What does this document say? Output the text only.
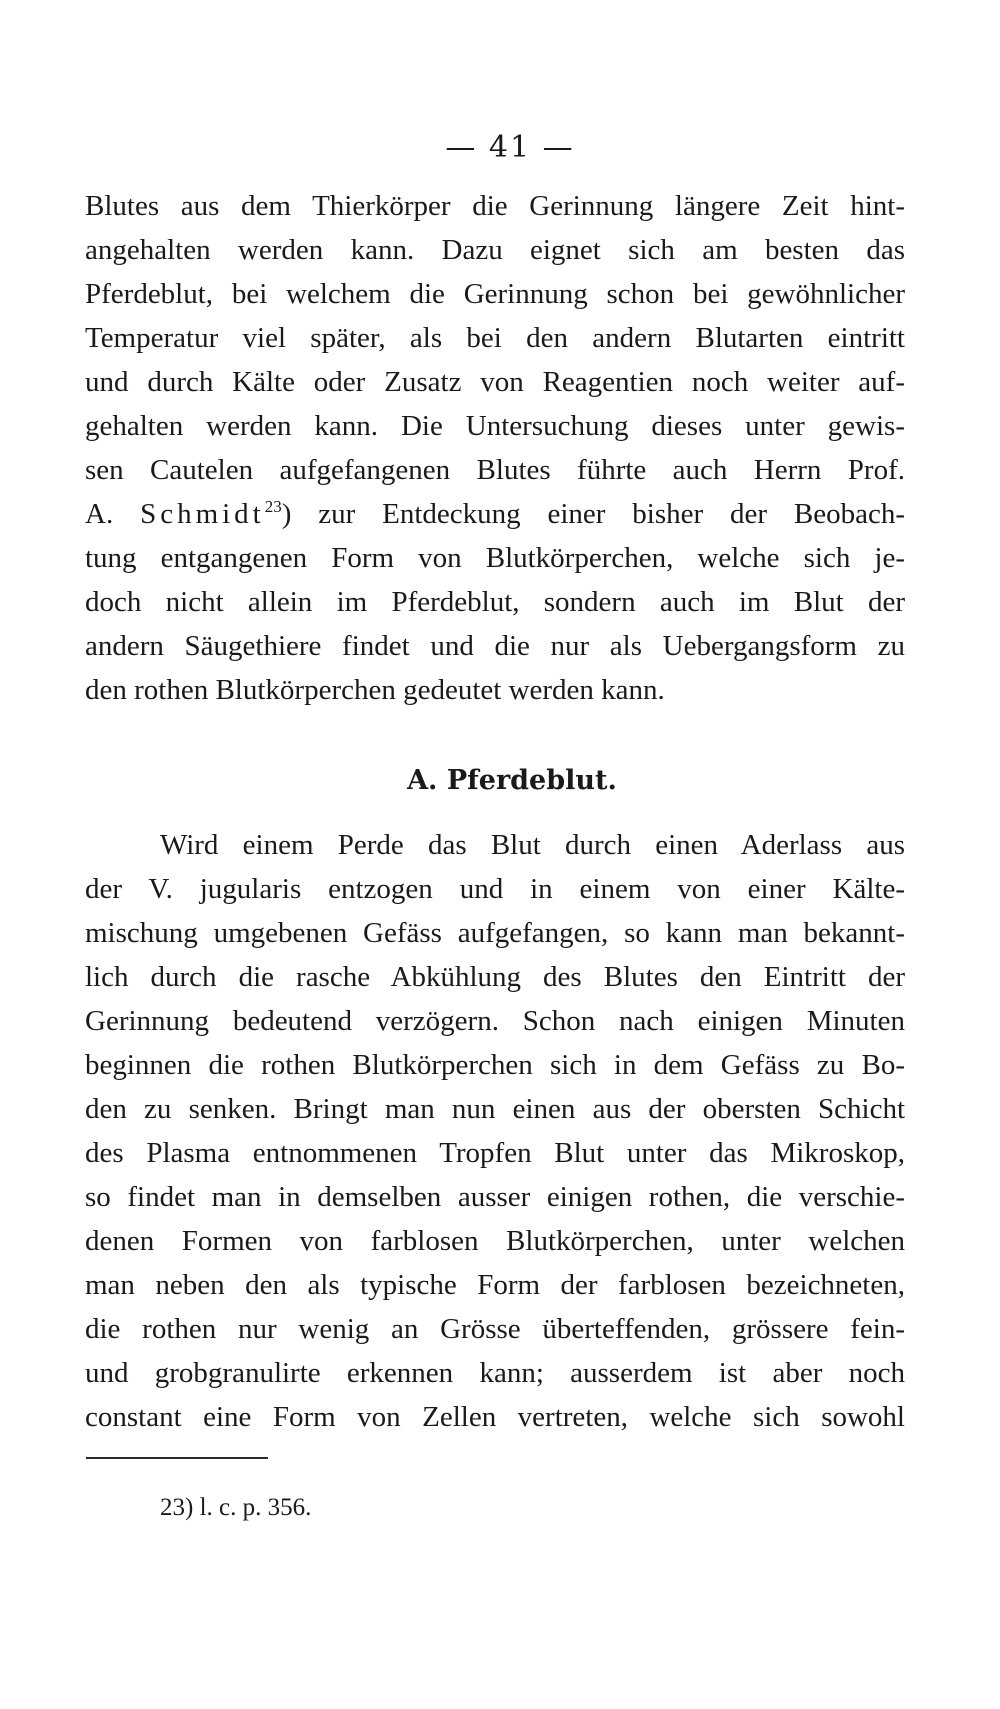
— 41 —
Blutes aus dem Thierkörper die Gerinnung längere Zeit hint-
angehalten werden kann. Dazu eignet sich am besten das
Pferdeblut, bei welchem die Gerinnung schon bei gewöhnlicher
Temperatur viel später, als bei den andern Blutarten eintritt
und durch Kälte oder Zusatz von Reagentien noch weiter auf-
gehalten werden kann. Die Untersuchung dieses unter gewis-
sen Cautelen aufgefangenen Blutes führte auch Herrn Prof.
A. Schmidt$^{23}$) zur Entdeckung einer bisher der Beobach-
tung entgangenen Form von Blutkörperchen, welche sich je-
doch nicht allein im Pferdeblut, sondern auch im Blut der
andern Säugethiere findet und die nur als Uebergangsform zu
den rothen Blutkörperchen gedeutet werden kann.
A. Pferdeblut.
Wird einem Perde das Blut durch einen Aderlass aus
der V. jugularis entzogen und in einem von einer Kälte-
mischung umgebenen Gefäss aufgefangen, so kann man bekannt-
lich durch die rasche Abkühlung des Blutes den Eintritt der
Gerinnung bedeutend verzögern. Schon nach einigen Minuten
beginnen die rothen Blutkörperchen sich in dem Gefäss zu Bo-
den zu senken. Bringt man nun einen aus der obersten Schicht
des Plasma entnommenen Tropfen Blut unter das Mikroskop,
so findet man in demselben ausser einigen rothen, die verschie-
denen Formen von farblosen Blutkörperchen, unter welchen
man neben den als typische Form der farblosen bezeichneten,
die rothen nur wenig an Grösse überteffenden, grössere fein-
und grobgranulirte erkennen kann; ausserdem ist aber noch
constant eine Form von Zellen vertreten, welche sich sowohl
23) l. c. p. 356.
